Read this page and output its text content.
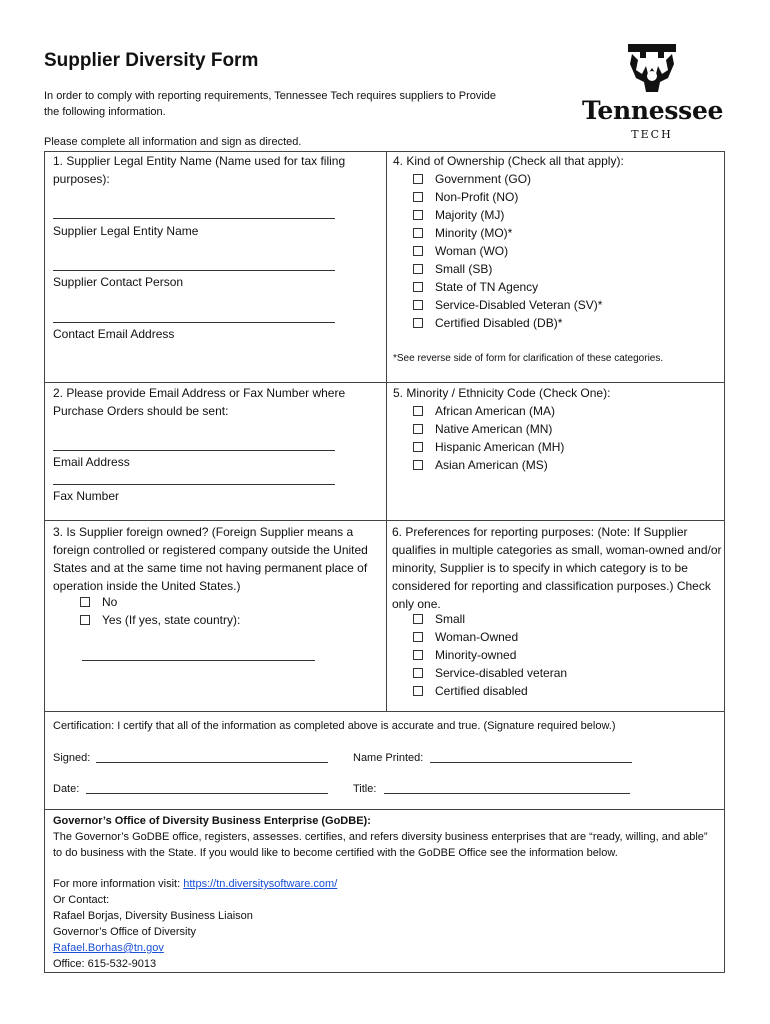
Supplier Diversity Form
In order to comply with reporting requirements, Tennessee Tech requires suppliers to Provide the following information.
Please complete all information and sign as directed.
Tennessee
TECH
1. Supplier Legal Entity Name (Name used for tax filing purposes):
Supplier Legal Entity Name
Supplier Contact Person
Contact Email Address
4. Kind of Ownership (Check all that apply):
Government (GO)
Non-Profit (NO)
Majority (MJ)
Minority (MO)*
Woman (WO)
Small (SB)
State of TN Agency
Service-Disabled Veteran (SV)*
Certified Disabled (DB)*
*See reverse side of form for clarification of these categories.
2. Please provide Email Address or Fax Number where Purchase Orders should be sent:
Email Address
Fax Number
5. Minority / Ethnicity Code (Check One):
African American (MA)
Native American (MN)
Hispanic American (MH)
Asian American (MS)
3. Is Supplier foreign owned? (Foreign Supplier means a foreign controlled or registered company outside the United States and at the same time not having permanent place of operation inside the United States.)
No
Yes (If yes, state country):
6. Preferences for reporting purposes: (Note: If Supplier qualifies in multiple categories as small, woman-owned and/or minority, Supplier is to specify in which category is to be considered for reporting and classification purposes.) Check only one.
Small
Woman-Owned
Minority-owned
Service-disabled veteran
Certified disabled
Certification: I certify that all of the information as completed above is accurate and true. (Signature required below.)
Signed:	Name Printed:
Date:	Title:
Governor’s Office of Diversity Business Enterprise (GoDBE):
The Governor’s GoDBE office, registers, assesses. certifies, and refers diversity business enterprises that are “ready, willing, and able” to do business with the State. If you would like to become certified with the GoDBE Office see the information below.
For more information visit: https://tn.diversitysoftware.com/
Or Contact:
Rafael Borjas, Diversity Business Liaison
Governor’s Office of Diversity
Rafael.Borhas@tn.gov
Office: 615-532-9013
